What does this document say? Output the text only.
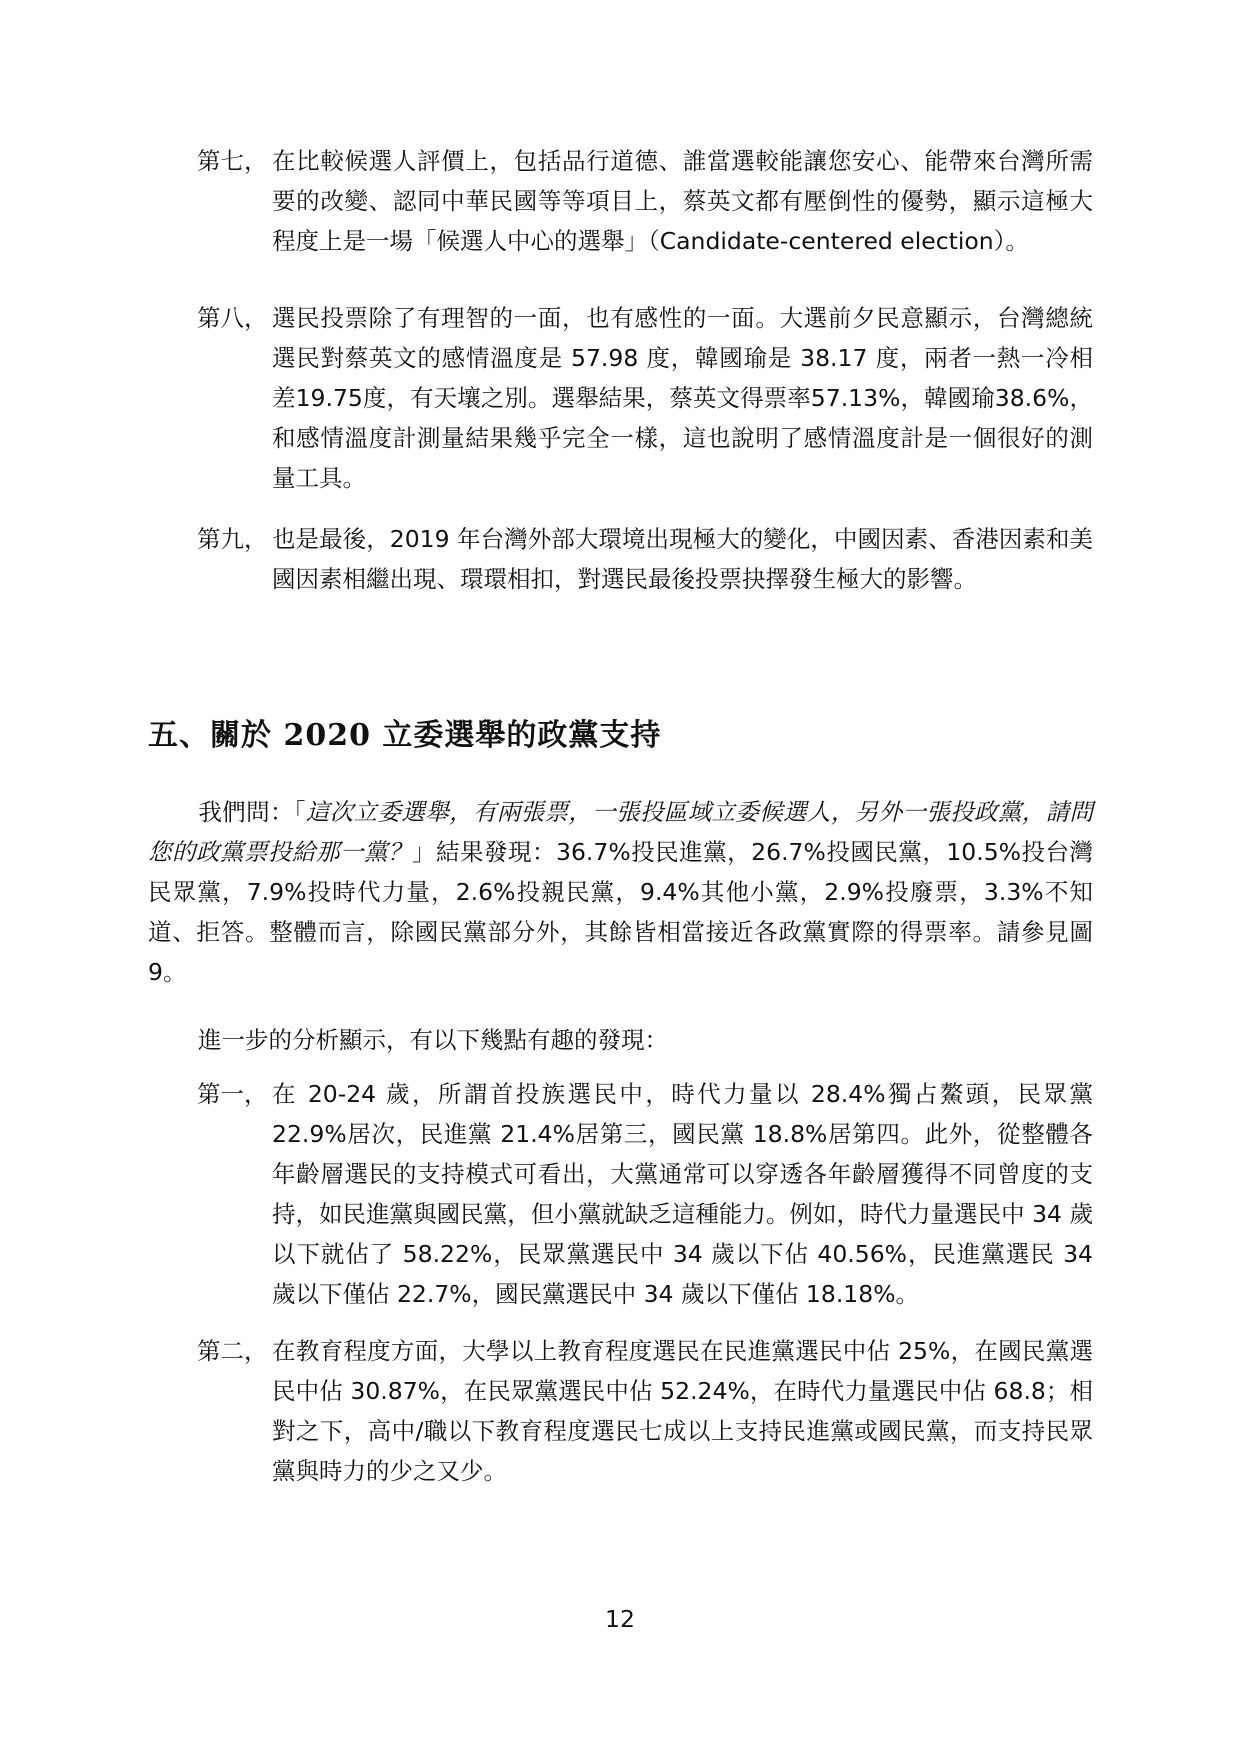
第七， 在比較候選人評價上，包括品行道德、誰當選較能讓您安心、能帶來台灣所需要的改變、認同中華民國等等項目上，蔡英文都有壓倒性的優勢，顯示這極大程度上是一場「候選人中心的選舉」（Candidate-centered election）。
第八， 選民投票除了有理智的一面，也有感性的一面。大選前夕民意顯示，台灣總統選民對蔡英文的感情溫度是 57.98 度，韓國瑜是 38.17 度，兩者一熱一冷相差19.75度，有天壤之別。選舉結果，蔡英文得票率57.13%，韓國瑜38.6%，和感情溫度計測量結果幾乎完全一樣，這也說明了感情溫度計是一個很好的測量工具。
第九， 也是最後，2019 年台灣外部大環境出現極大的變化，中國因素、香港因素和美國因素相繼出現、環環相扣，對選民最後投票抉擇發生極大的影響。
五、關於 2020 立委選舉的政黨支持
我們問：「這次立委選舉，有兩張票，一張投區域立委候選人，另外一張投政黨，請問您的政黨票投給那一黨？」結果發現：36.7%投民進黨，26.7%投國民黨，10.5%投台灣民眾黨，7.9%投時代力量，2.6%投親民黨，9.4%其他小黨，2.9%投廢票，3.3%不知道、拒答。整體而言，除國民黨部分外，其餘皆相當接近各政黨實際的得票率。請參見圖 9。
進一步的分析顯示，有以下幾點有趣的發現：
第一， 在 20-24 歲，所謂首投族選民中，時代力量以 28.4%獨占鰲頭，民眾黨 22.9%居次，民進黨 21.4%居第三，國民黨 18.8%居第四。此外，從整體各年齡層選民的支持模式可看出，大黨通常可以穿透各年齡層獲得不同曾度的支持，如民進黨與國民黨，但小黨就缺乏這種能力。例如，時代力量選民中 34 歲以下就佔了 58.22%，民眾黨選民中 34 歲以下佔 40.56%，民進黨選民 34 歲以下僅佔 22.7%，國民黨選民中 34 歲以下僅佔 18.18%。
第二， 在教育程度方面，大學以上教育程度選民在民進黨選民中佔 25%，在國民黨選民中佔 30.87%，在民眾黨選民中佔 52.24%，在時代力量選民中佔 68.8；相對之下，高中/職以下教育程度選民七成以上支持民進黨或國民黨，而支持民眾黨與時力的少之又少。
12
